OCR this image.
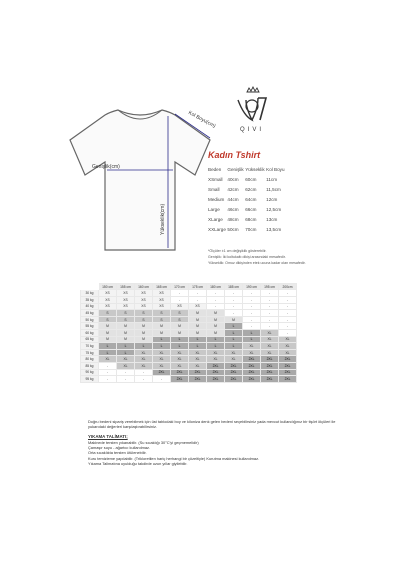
Kol Boyu(cm)
Genişlik(cm)
Yükseklik(cm)
QIVI
Kadın Tshirt
Beden	Genişlik	Yükseklik	Kol Boyu
XSmall	40cm	60cm	11cm
Small	42cm	62cm	11,5cm
Medium	44cm	64cm	12cm
Large	46cm	66cm	12,5cm
XLarge	48cm	68cm	13cm
XXLarge	50cm	70cm	13,5cm
*Ölçüler ±1 cm değişiklik gösterebilir.
Genişlik: İki koltukaltı dikişi arasındaki mesafedir.
Yükseklik: Omuz dikişinden etek ucuna kadar olan mesafedir.
	150 cm	155 cm	160 cm	165 cm	170 cm	175 cm	180 cm	185 cm	190 cm	195 cm	200cm
30 kg	XS	XS	XS	XS	-	-	-	-	-	-	-
35 kg	XS	XS	XS	XS	-	-	-	-	-	-	-
40 kg	XS	XS	XS	XS	XS	XS	-	-	-	-	-
45 kg	S	S	S	S	S	M	M	-	-	-	-
50 kg	S	S	S	S	S	M	M	M	-	-	-
55 kg	M	M	M	M	M	M	M	L	-	-	-
60 kg	M	M	M	M	M	M	M	L	L	XL	-
65 kg	M	M	M	L	L	L	L	L	L	XL	XL
70 kg	L	L	L	L	L	L	L	L	XL	XL	XL
75 kg	L	L	XL	XL	XL	XL	XL	XL	XL	XL	XL
80 kg	XL	XL	XL	XL	XL	XL	XL	XL	2XL	2XL	2XL
85 kg	-	XL	XL	XL	XL	XL	2XL	2XL	2XL	2XL	2XL
90 kg	-	-	-	2XL	2XL	2XL	2XL	2XL	2XL	2XL	2XL
95 kg	-	-	-	-	2XL	2XL	2XL	2XL	2XL	2XL	2XL
Doğru bedeni sipariş verebilmek için üst tablodaki boy ve kiloniza denk gelen bedeni seçebilirsiniz yada mevcut kullandığınız bir tişört ölçüleri ile yukarıdaki değerleri karşılaştırabilirsiniz.
YIKAMA TALİMATI;
Makinede tersten yıkanabilir. (Su sıcaklığı 30°C'yi geçmemelidir)
Çamaşır suyu - ağartıcı kullanılmaz.
Orta sıcaklıkta tersten ütülenebilir.
Kuru temizleme yapılabilir. (Trikloretilen hariç herhangi bir çözeltiyle) Kurutma makinesi kullanılmaz.
Yıkama Talimatına uyulduğu takdirde uzun yıllar giyilebilir.
